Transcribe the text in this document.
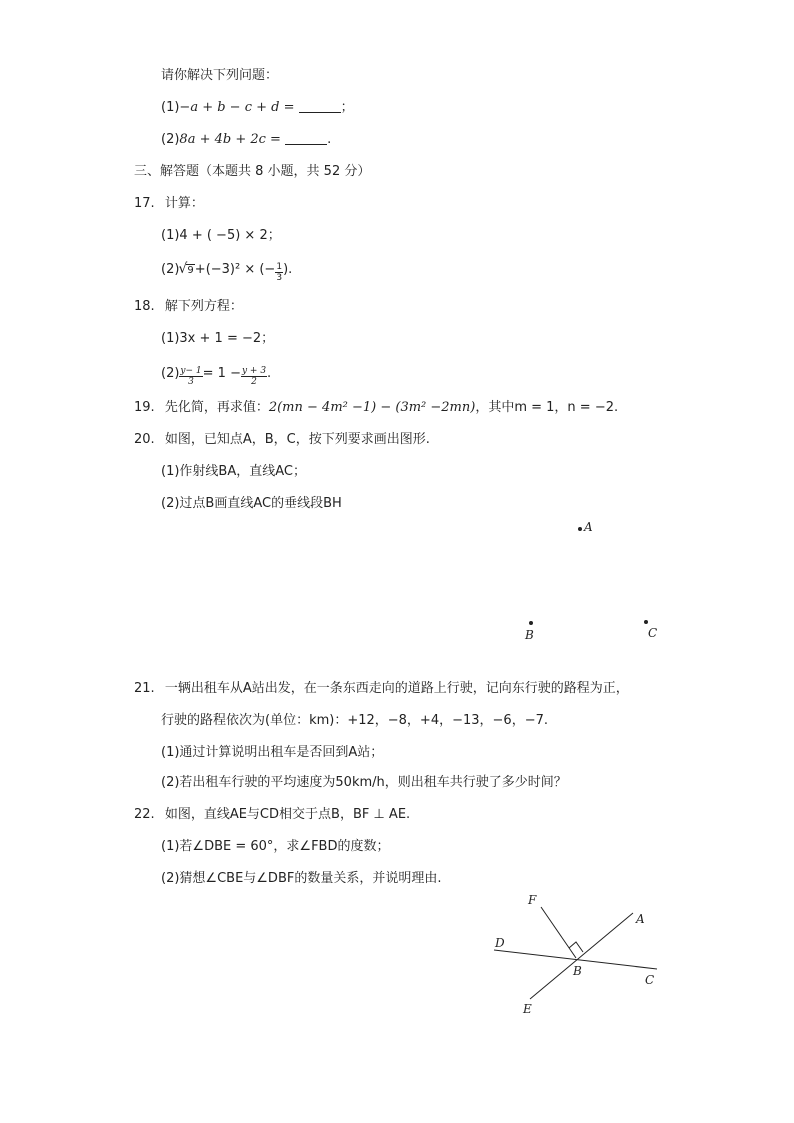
请你解决下列问题：
(1)−a + b − c + d =	；
(2)8a + 4b + 2c =	.
三、解答题（本题共 8 小题，共 52 分）
17. 计算：
(1)4 + ( −5) × 2；
(2)√ 9+(−3)² × (− $\frac{1}{3}$ ).
18. 解下列方程：
(1)3x + 1 = −2；
$(2) \frac{y- 1}{3} = 1 - \frac{y + 3}{2}$ .
19. 先化简，再求值：2(mn − 4m² −1) − (3m² −2mn)，其中m = 1，n = −2.
20. 如图，已知点A，B，C，按下列要求画出图形.
(1)作射线BA，直线AC；
(2)过点B画直线AC的垂线段BH
A
B	C
F
A
D
B
C
E
21. 一辆出租车从A站出发，在一条东西走向的道路上行驶，记向东行驶的路程为正，
行驶的路程依次为(单位：km)：+12，−8，+4，−13，−6，−7.
(1)通过计算说明出租车是否回到A站；
(2)若出租车行驶的平均速度为50km/h，则出租车共行驶了多少时间？
22. 如图，直线AE与CD相交于点B，BF ⊥ AE.
(1)若∠DBE = 60°，求∠FBD的度数；
(2)猜想∠CBE与∠DBF的数量关系，并说明理由.
